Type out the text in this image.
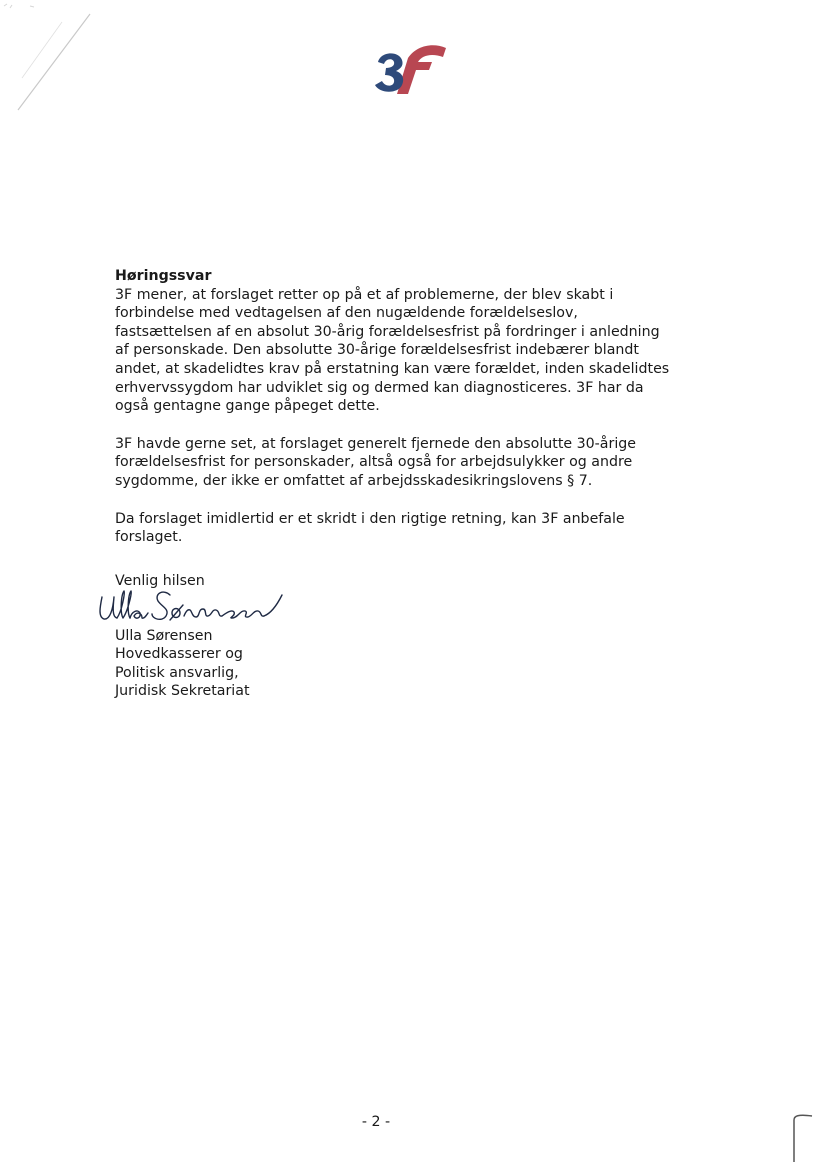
Høringssvar

3F mener, at forslaget retter op på et af problemerne, der blev skabt i
forbindelse med vedtagelsen af den nugældende forældelseslov,
fastsættelsen af en absolut 30-årig forældelsesfrist på fordringer i anledning
af personskade. Den absolutte 30-årige forældelsesfrist indebærer blandt
andet, at skadelidtes krav på erstatning kan være forældet, inden skadelidtes
erhvervssygdom har udviklet sig og dermed kan diagnosticeres. 3F har da
også gentagne gange påpeget dette.

3F havde gerne set, at forslaget generelt fjernede den absolutte 30-årige
forældelsesfrist for personskader, altså også for arbejdsulykker og andre
sygdomme, der ikke er omfattet af arbejdsskadesikringslovens § 7.

Da forslaget imidlertid er et skridt i den rigtige retning, kan 3F anbefale
forslaget.

Venlig hilsen
Ulla Sørensen
Hovedkasserer og
Politisk ansvarlig,
Juridisk Sekretariat
- 2 -
